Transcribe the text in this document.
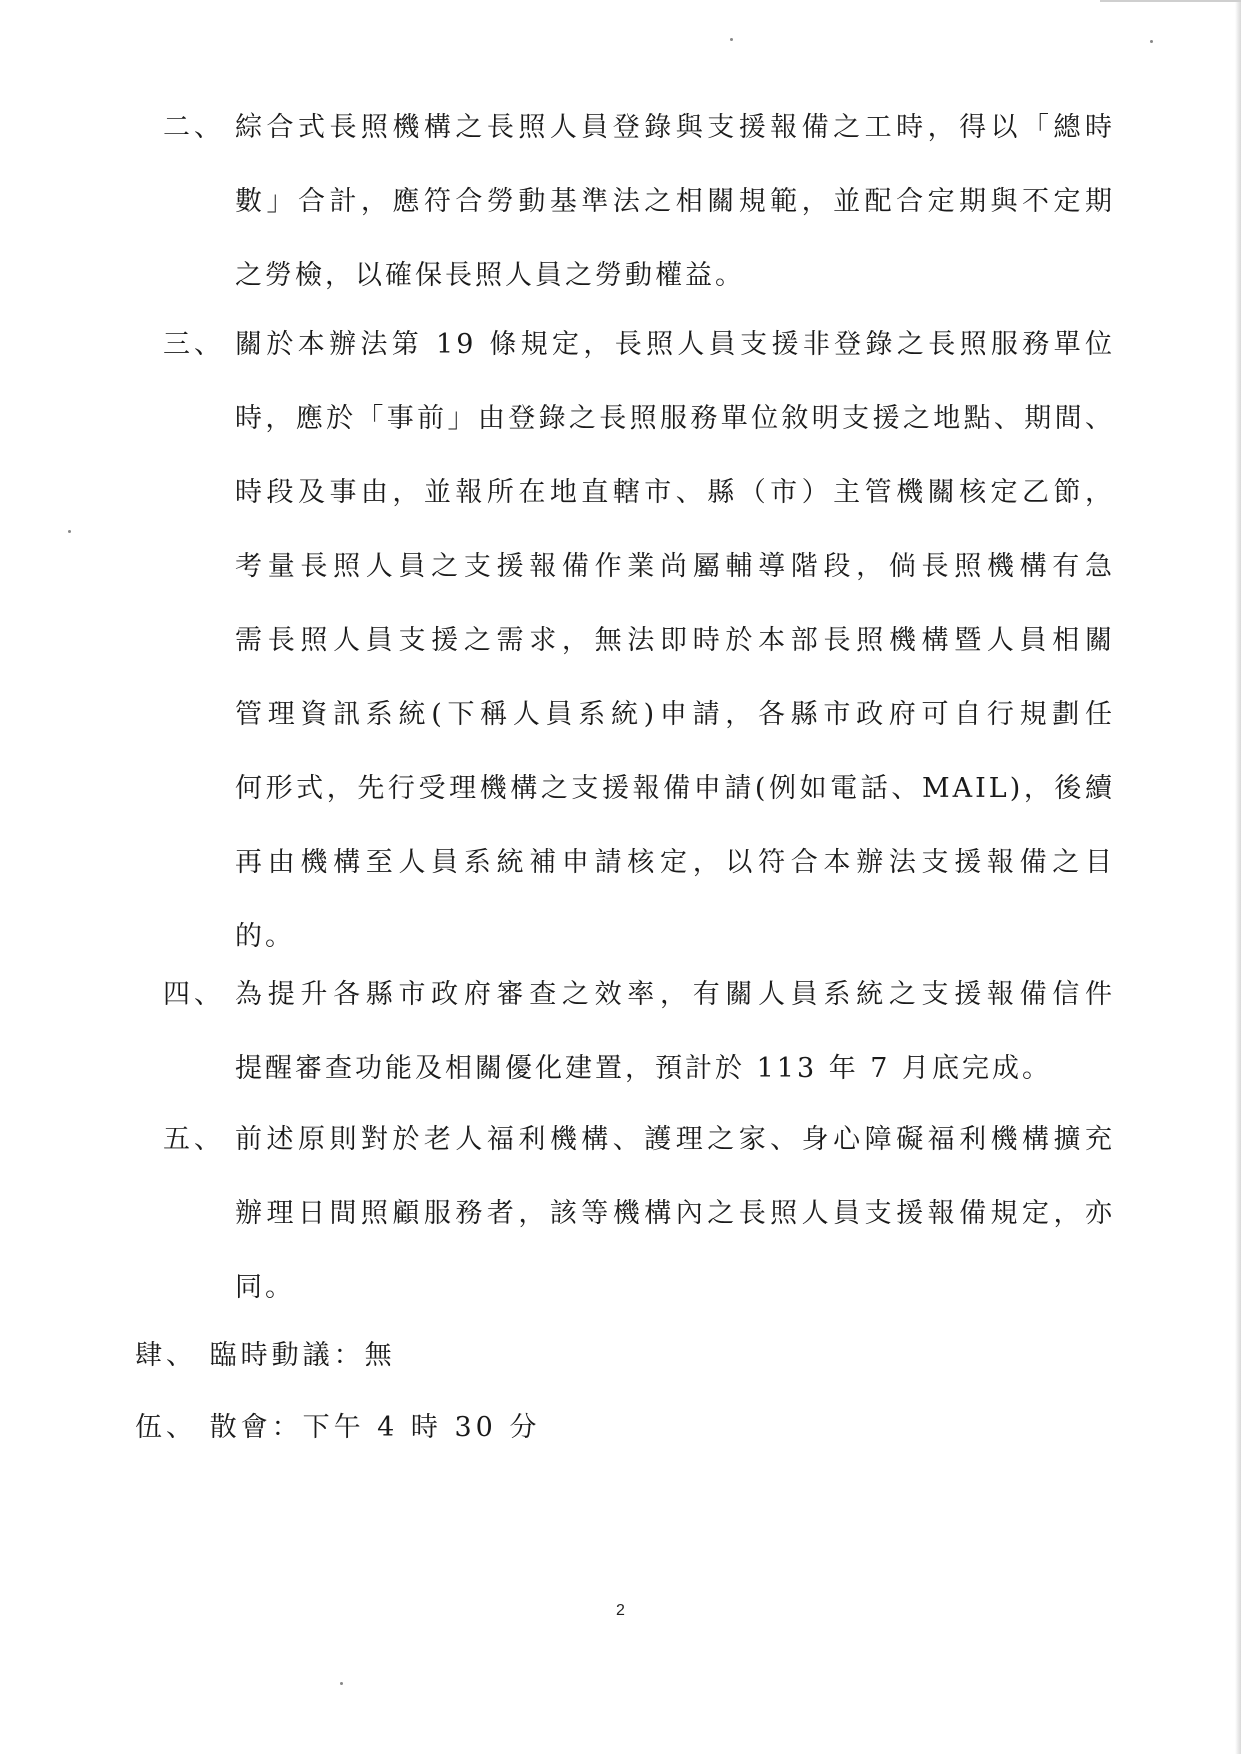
二、 綜合式長照機構之長照人員登錄與支援報備之工時，得以「總時
數」合計，應符合勞動基準法之相關規範，並配合定期與不定期
之勞檢，以確保長照人員之勞動權益。
三、 關於本辦法第 19 條規定，長照人員支援非登錄之長照服務單位
時，應於「事前」由登錄之長照服務單位敘明支援之地點、期間、
時段及事由，並報所在地直轄市、縣（市）主管機關核定乙節，
考量長照人員之支援報備作業尚屬輔導階段，倘長照機構有急
需長照人員支援之需求，無法即時於本部長照機構暨人員相關
管理資訊系統(下稱人員系統)申請，各縣市政府可自行規劃任
何形式，先行受理機構之支援報備申請(例如電話、MAIL)，後續
再由機構至人員系統補申請核定，以符合本辦法支援報備之目
的。
四、 為提升各縣市政府審查之效率，有關人員系統之支援報備信件
提醒審查功能及相關優化建置，預計於 113 年 7 月底完成。
五、 前述原則對於老人福利機構、護理之家、身心障礙福利機構擴充
辦理日間照顧服務者，該等機構內之長照人員支援報備規定，亦
同。
肆、 臨時動議：無
伍、 散會：下午 4 時 30 分
2
